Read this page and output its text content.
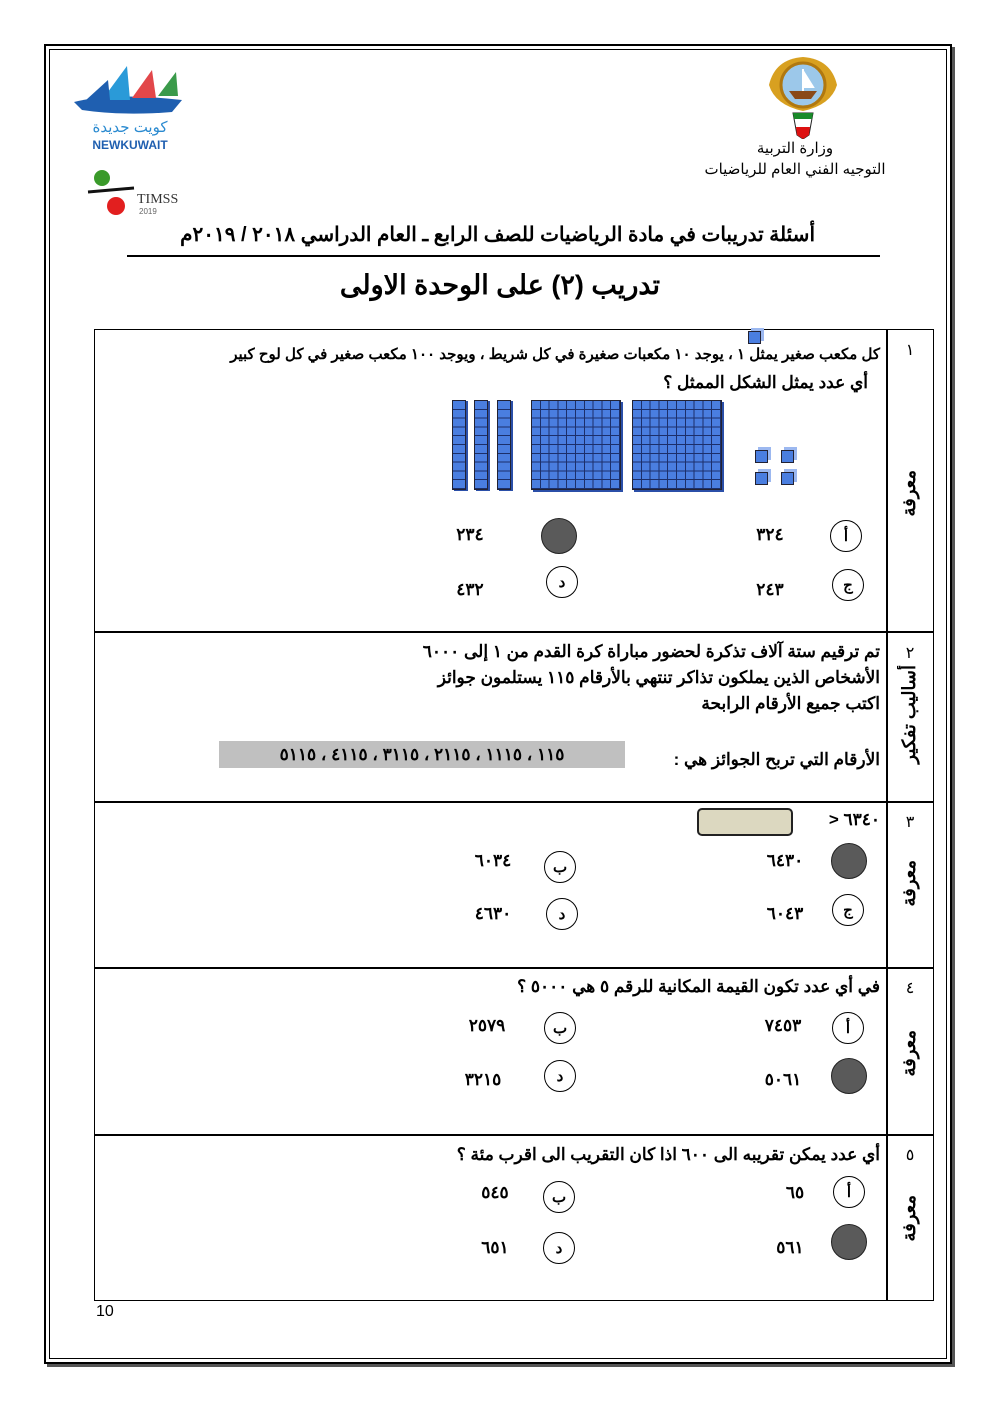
كويت جديدة
NEWKUWAIT
TIMSS
2019
وزارة التربية
التوجيه الفني العام للرياضيات
أسئلة تدريبات في مادة الرياضيات للصف الرابع ـ العام الدراسي ٢٠١٨ / ٢٠١٩م
تدريب (٢) على الوحدة الاولى
١
معرفة
كل مكعب صغير يمثل ١ ، يوجد ١٠ مكعبات صغيرة في كل شريط ، ويوجد ١٠٠ مكعب صغير في كل لوح كبير
أي عدد يمثل الشكل الممثل ؟
أ
٣٢٤
٢٣٤
ج
٢٤٣
د
٤٣٢
٢
أساليب تفكير
تم ترقيم ستة آلاف تذكرة لحضور مباراة كرة القدم من ١ إلى ٦٠٠٠
الأشخاص الذين يملكون تذاكر تنتهي بالأرقام ١١٥ يستلمون جوائز
اكتب جميع الأرقام الرابحة
الأرقام التي تربح الجوائز هي :
١١٥ ، ١١١٥ ، ٢١١٥ ، ٣١١٥ ، ٤١١٥ ، ٥١١٥
٣
معرفة
٦٣٤٠ <
٦٤٣٠
ب
٦٠٣٤
ج
٦٠٤٣
د
٤٦٣٠
٤
معرفة
في أي عدد تكون القيمة المكانية للرقم ٥ هي ٥٠٠٠ ؟
أ
٧٤٥٣
ب
٢٥٧٩
٥٠٦١
د
٣٢١٥
٥
معرفة
أي عدد يمكن تقريبه الى ٦٠٠ اذا كان التقريب الى اقرب مئة ؟
أ
٦٥
ب
٥٤٥
٥٦١
د
٦٥١
10
